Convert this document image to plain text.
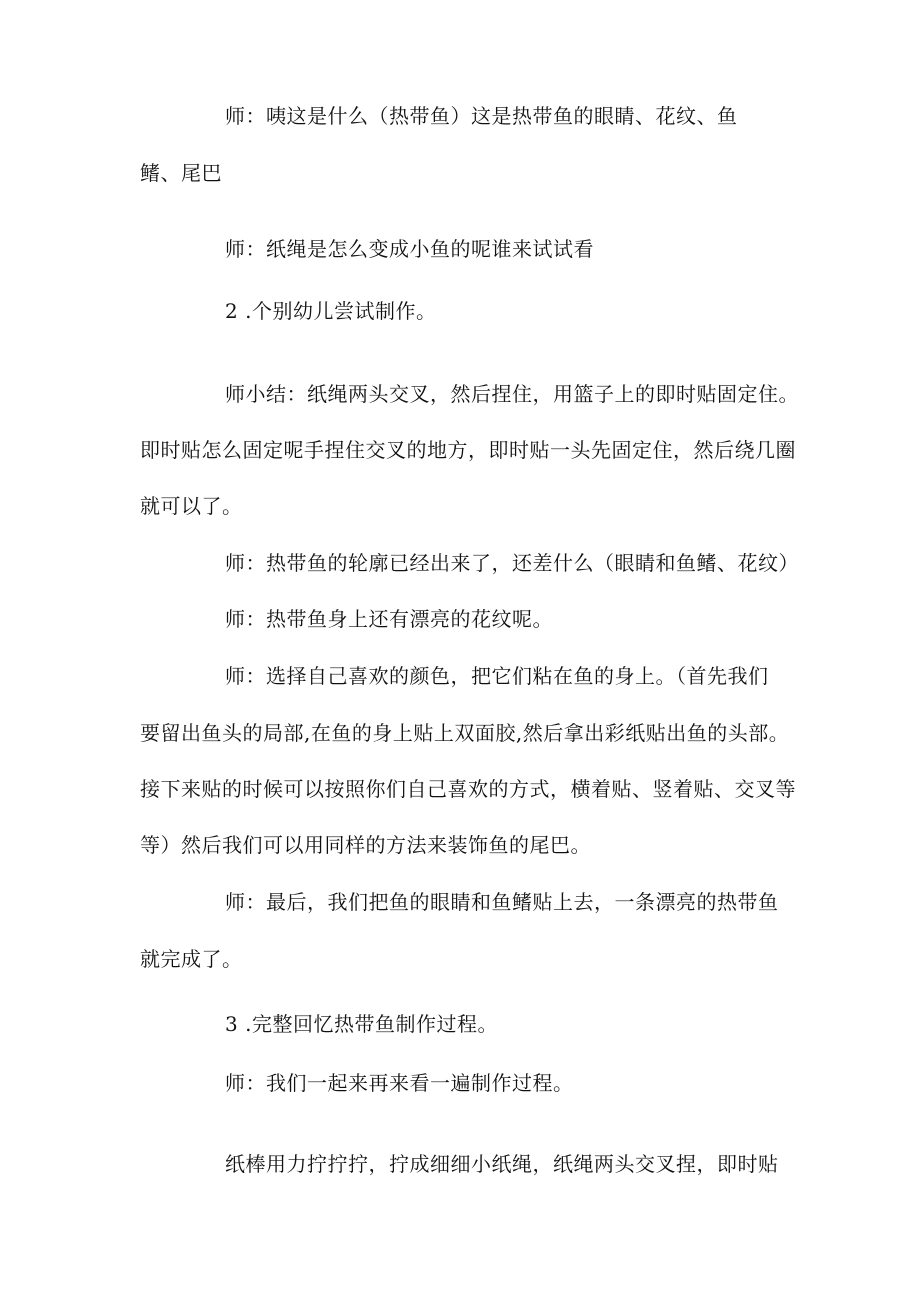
师：咦这是什么（热带鱼）这是热带鱼的眼睛、花纹、鱼
鳍、尾巴
师：纸绳是怎么变成小鱼的呢谁来试试看
2 .个别幼儿尝试制作。
师小结：纸绳两头交叉，然后捏住，用篮子上的即时贴固定住。
即时贴怎么固定呢手捏住交叉的地方，即时贴一头先固定住，然后绕几圈
就可以了。
师：热带鱼的轮廓已经出来了，还差什么（眼睛和鱼鳍、花纹）
师：热带鱼身上还有漂亮的花纹呢。
师：选择自己喜欢的颜色，把它们粘在鱼的身上。（首先我们
要留出鱼头的局部,在鱼的身上贴上双面胶,然后拿出彩纸贴出鱼的头部。
接下来贴的时候可以按照你们自己喜欢的方式，横着贴、竖着贴、交叉等
等）然后我们可以用同样的方法来装饰鱼的尾巴。
师：最后，我们把鱼的眼睛和鱼鳍贴上去，一条漂亮的热带鱼
就完成了。
3 .完整回忆热带鱼制作过程。
师：我们一起来再来看一遍制作过程。
纸棒用力拧拧拧，拧成细细小纸绳，纸绳两头交叉捏，即时贴
